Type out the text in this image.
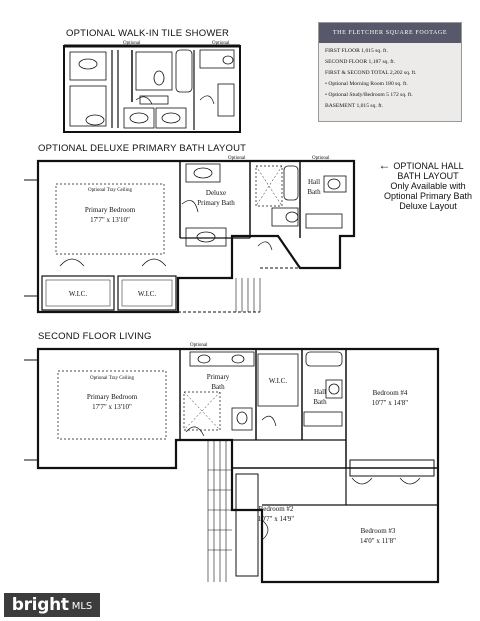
OPTIONAL WALK-IN TILE SHOWER
OPTIONAL DELUXE PRIMARY BATH LAYOUT
SECOND FLOOR LIVING
THE FLETCHER SQUARE FOOTAGE
FIRST FLOOR 1,015 sq. ft.
SECOND FLOOR 1,187 sq. ft.
FIRST & SECOND TOTAL 2,202 sq. ft.
• Optional Morning Room 180 sq. ft.
• Optional Study/Bedroom 5 172 sq. ft.
BASEMENT 1,015 sq. ft.
← OPTIONAL HALL
BATH LAYOUT
Only Available with
Optional Primary Bath
Deluxe Layout
Optional	Optional
Optional	Optional
Optional
Optional Tray Ceiling
Primary Bedroom
17'7" x 13'10"
Deluxe
Primary Bath
Hall
Bath
W.I.C.	W.I.C.
Optional Tray Ceiling
Primary Bedroom
17'7" x 13'10"
Primary
Bath
W.I.C.
Hall
Bath
Bedroom #4
10'7" x 14'8"
Bedroom #2
10'7" x 14'9"
Bedroom #3
14'0" x 11'8"
bright MLS
